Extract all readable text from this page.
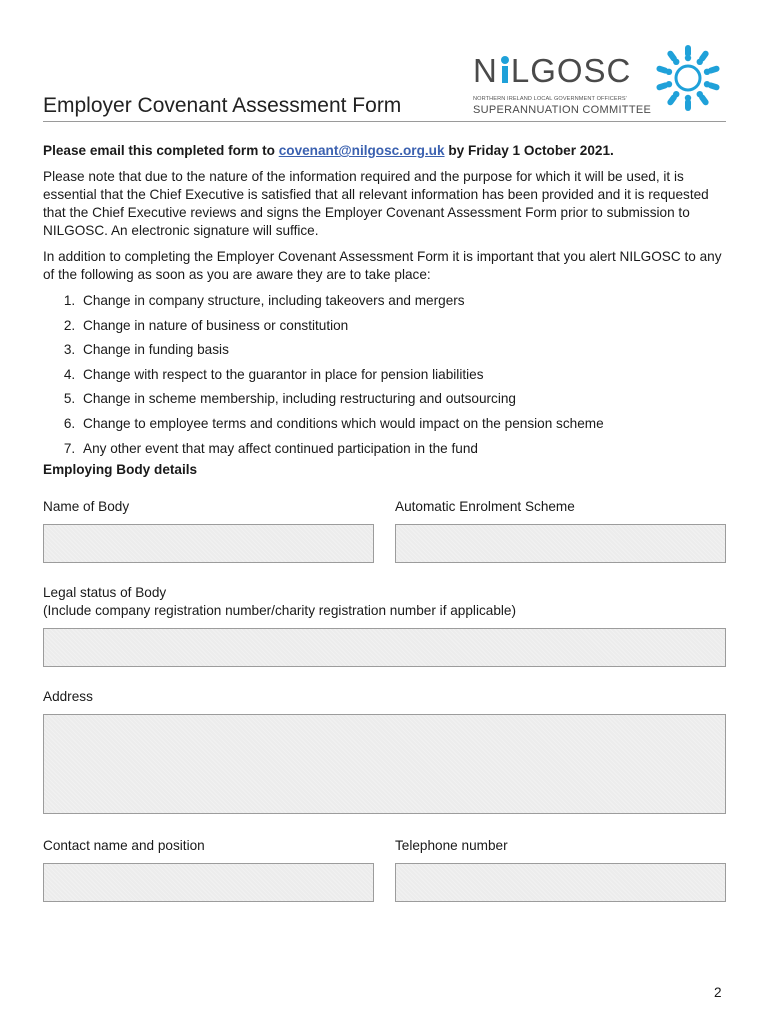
Employer Covenant Assessment Form
N LGOSC
NORTHERN IRELAND LOCAL GOVERNMENT OFFICERS'
SUPERANNUATION COMMITTEE

Please email this completed form to covenant@nilgosc.org.uk by Friday 1 October 2021.

Please note that due to the nature of the information required and the purpose for which it will be used, it is essential that the Chief Executive is satisfied that all relevant information has been provided and it is requested that the Chief Executive reviews and signs the Employer Covenant Assessment Form prior to submission to NILGOSC. An electronic signature will suffice.

In addition to completing the Employer Covenant Assessment Form it is important that you alert NILGOSC to any of the following as soon as you are aware they are to take place:

1. Change in company structure, including takeovers and mergers
2. Change in nature of business or constitution
3. Change in funding basis
4. Change with respect to the guarantor in place for pension liabilities
5. Change in scheme membership, including restructuring and outsourcing
6. Change to employee terms and conditions which would impact on the pension scheme
7. Any other event that may affect continued participation in the fund
Employing Body details
Name of Body	Automatic Enrolment Scheme
Legal status of Body
(Include company registration number/charity registration number if applicable)
Address
Contact name and position	Telephone number
2
